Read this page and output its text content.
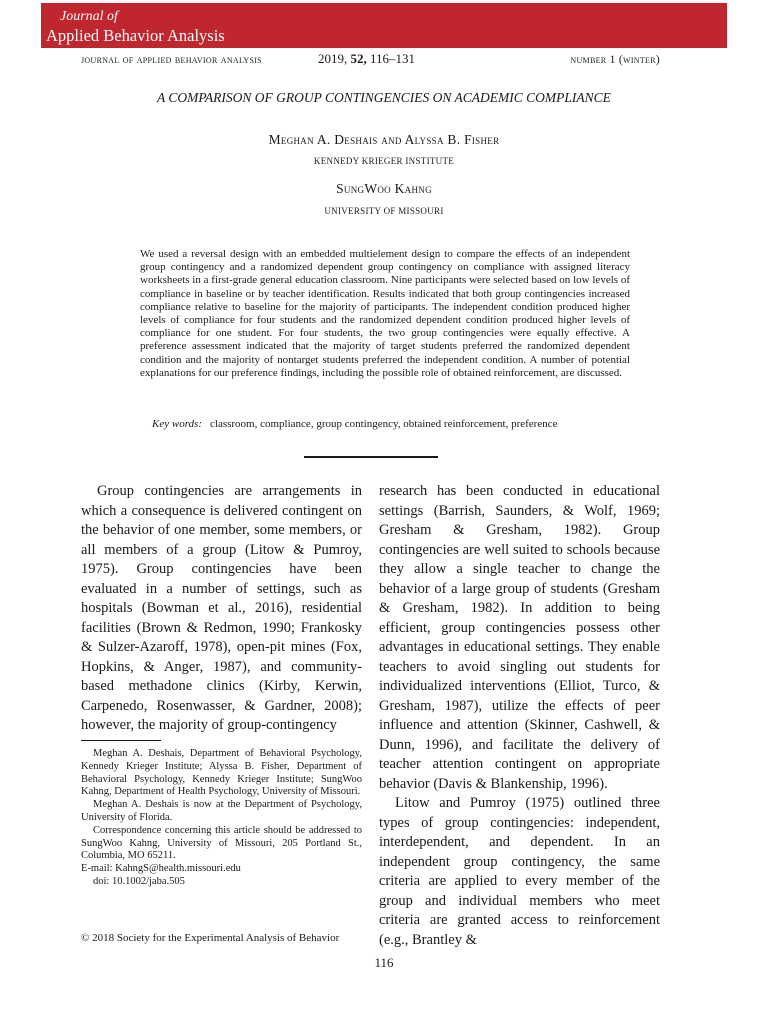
Journal of
Applied Behavior Analysis
journal of applied behavior analysis	2019, 52, 116–131	number 1 (winter)
A COMPARISON OF GROUP CONTINGENCIES ON ACADEMIC COMPLIANCE
Meghan A. Deshais and Alyssa B. Fisher
KENNEDY KRIEGER INSTITUTE
SungWoo Kahng
UNIVERSITY OF MISSOURI

We used a reversal design with an embedded multielement design to compare the effects of an independent group contingency and a randomized dependent group contingency on compliance with assigned literacy worksheets in a first-grade general education classroom. Nine participants were selected based on low levels of compliance in baseline or by teacher identification. Results indicated that both group contingencies increased compliance relative to baseline for the majority of participants. The independent condition produced higher levels of compliance for four students and the randomized dependent condition produced higher levels of compliance for one student. For four students, the two group contingencies were equally effective. A preference assessment indicated that the majority of target students preferred the randomized dependent condition and the majority of nontarget students preferred the independent condition. A number of potential explanations for our preference findings, including the possible role of obtained reinforcement, are discussed.

Key words: classroom, compliance, group contingency, obtained reinforcement, preference

Group contingencies are arrangements in which a consequence is delivered contingent on the behavior of one member, some members, or all members of a group (Litow & Pumroy, 1975). Group contingencies have been evaluated in a number of settings, such as hospitals (Bowman et al., 2016), residential facilities (Brown & Redmon, 1990; Frankosky & Sulzer-Azaroff, 1978), open-pit mines (Fox, Hopkins, & Anger, 1987), and community-based methadone clinics (Kirby, Kerwin, Carpenedo, Rosenwasser, & Gardner, 2008); however, the majority of group-contingency

research has been conducted in educational settings (Barrish, Saunders, & Wolf, 1969; Gresham & Gresham, 1982). Group contingencies are well suited to schools because they allow a single teacher to change the behavior of a large group of students (Gresham & Gresham, 1982). In addition to being efficient, group contingencies possess other advantages in educational settings. They enable teachers to avoid singling out students for individualized interventions (Elliot, Turco, & Gresham, 1987), utilize the effects of peer influence and attention (Skinner, Cashwell, & Dunn, 1996), and facilitate the delivery of teacher attention contingent on appropriate behavior (Davis & Blankenship, 1996).

Litow and Pumroy (1975) outlined three types of group contingencies: independent, interdependent, and dependent. In an independent group contingency, the same criteria are applied to every member of the group and individual members who meet criteria are granted access to reinforcement (e.g., Brantley &

Meghan A. Deshais, Department of Behavioral Psychology, Kennedy Krieger Institute; Alyssa B. Fisher, Department of Behavioral Psychology, Kennedy Krieger Institute; SungWoo Kahng, Department of Health Psychology, University of Missouri.

Meghan A. Deshais is now at the Department of Psychology, University of Florida.

Correspondence concerning this article should be addressed to SungWoo Kahng, University of Missouri, 205 Portland St., Columbia, MO 65211.

E-mail: KahngS@health.missouri.edu

doi: 10.1002/jaba.505

© 2018 Society for the Experimental Analysis of Behavior
116
